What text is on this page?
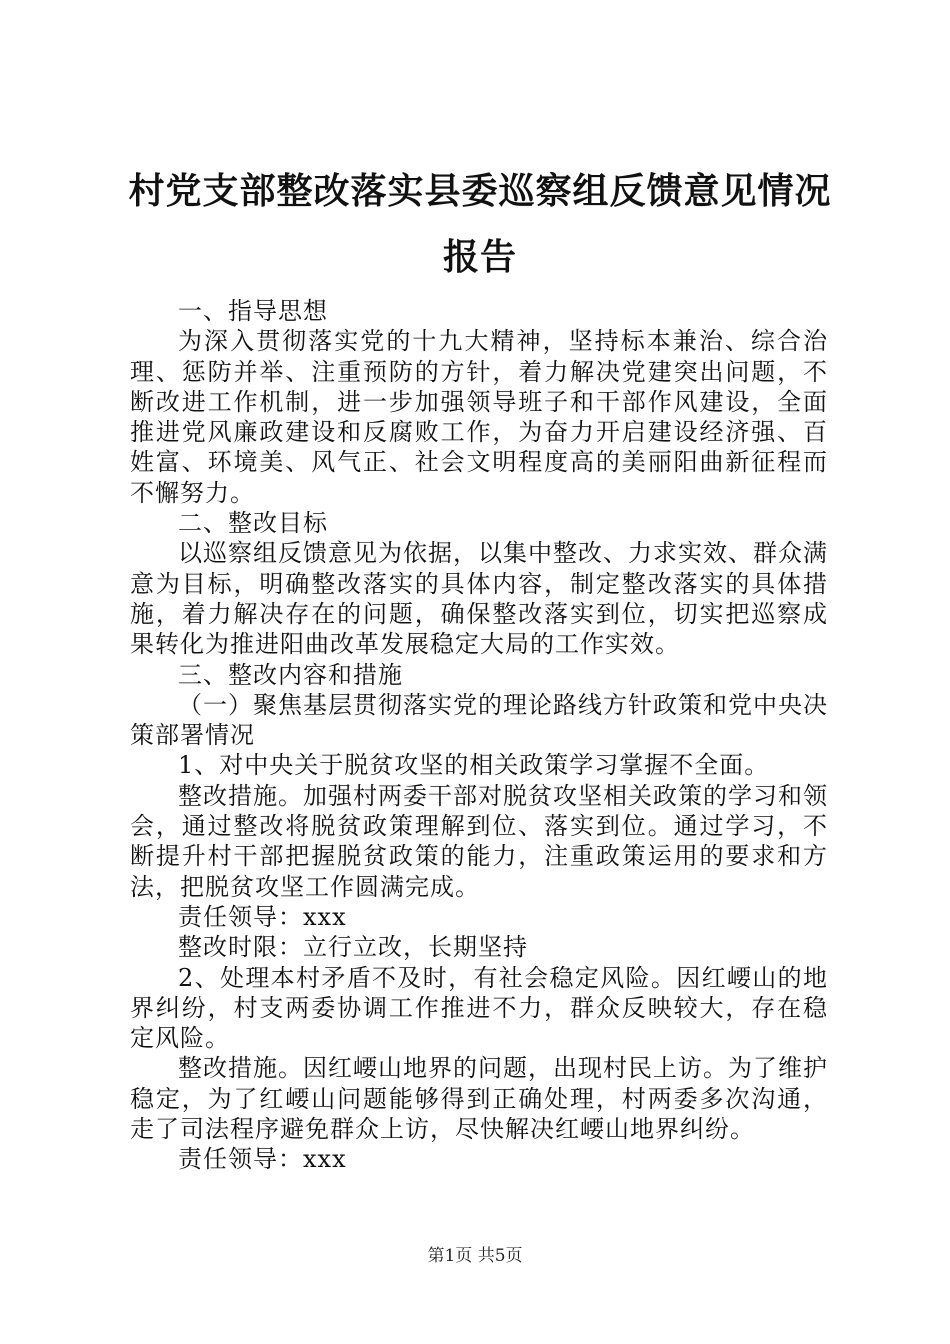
村党支部整改落实县委巡察组反馈意见情况报告

一、指导思想

为深入贯彻落实党的十九大精神，坚持标本兼治、综合治理、惩防并举、注重预防的方针，着力解决党建突出问题，不断改进工作机制，进一步加强领导班子和干部作风建设，全面推进党风廉政建设和反腐败工作，为奋力开启建设经济强、百姓富、环境美、风气正、社会文明程度高的美丽阳曲新征程而不懈努力。

二、整改目标

以巡察组反馈意见为依据，以集中整改、力求实效、群众满意为目标，明确整改落实的具体内容，制定整改落实的具体措施，着力解决存在的问题，确保整改落实到位，切实把巡察成果转化为推进阳曲改革发展稳定大局的工作实效。

三、整改内容和措施

（一）聚焦基层贯彻落实党的理论路线方针政策和党中央决策部署情况

1、对中央关于脱贫攻坚的相关政策学习掌握不全面。

整改措施。加强村两委干部对脱贫攻坚相关政策的学习和领会，通过整改将脱贫政策理解到位、落实到位。通过学习，不断提升村干部把握脱贫政策的能力，注重政策运用的要求和方法，把脱贫攻坚工作圆满完成。

责任领导：xxx

整改时限：立行立改，长期坚持

2、处理本村矛盾不及时，有社会稳定风险。因红崾山的地界纠纷，村支两委协调工作推进不力，群众反映较大，存在稳定风险。

整改措施。因红崾山地界的问题，出现村民上访。为了维护稳定，为了红崾山问题能够得到正确处理，村两委多次沟通，走了司法程序避免群众上访，尽快解决红崾山地界纠纷。

责任领导：xxx

第1页 共5页
